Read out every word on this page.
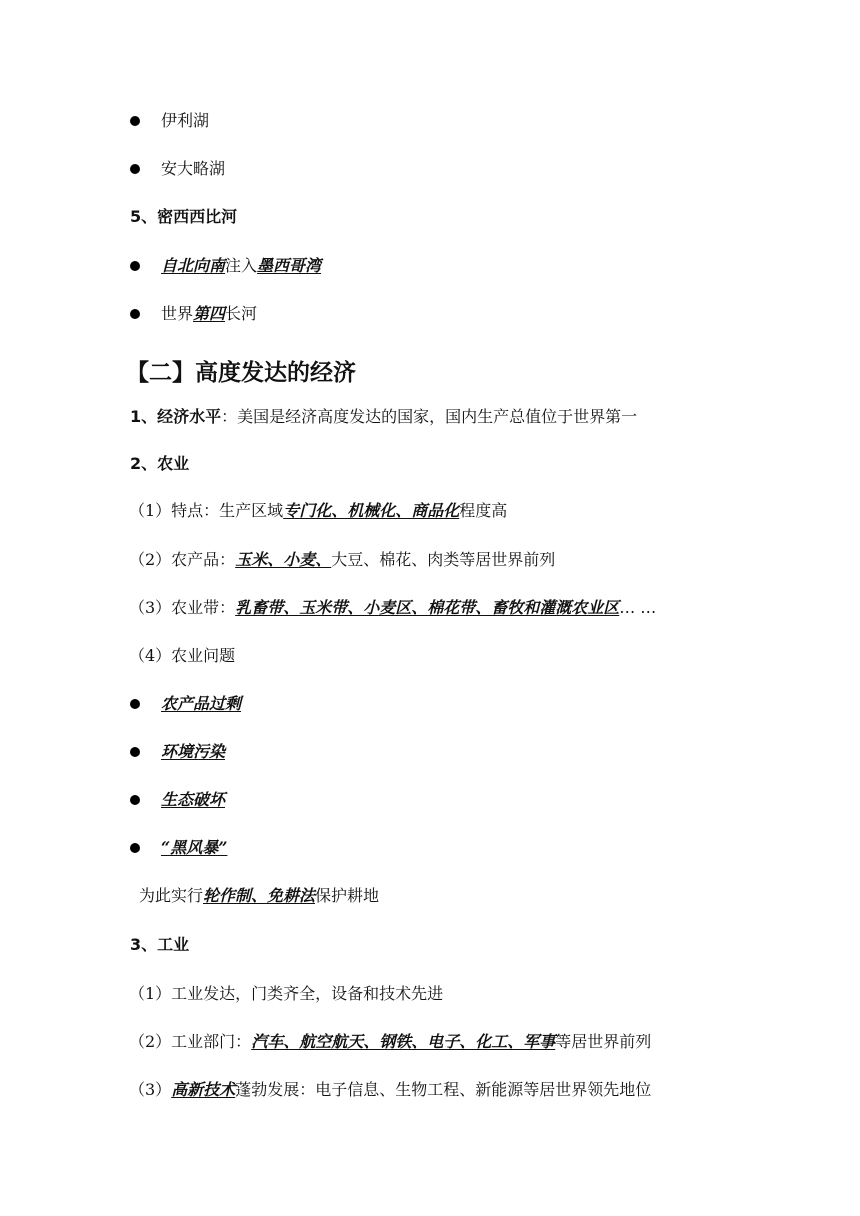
伊利湖
安大略湖
5、密西西比河
自北向南注入墨西哥湾
世界第四长河
【二】高度发达的经济
1、经济水平：美国是经济高度发达的国家，国内生产总值位于世界第一
2、农业
（1）特点：生产区域专门化、机械化、商品化程度高
（2）农产品：玉米、小麦、大豆、棉花、肉类等居世界前列
（3）农业带：乳畜带、玉米带、小麦区、棉花带、畜牧和灌溉农业区… …
（4）农业问题
农产品过剩
环境污染
生态破坏
“黑风暴”
为此实行轮作制、免耕法保护耕地
3、工业
（1）工业发达，门类齐全，设备和技术先进
（2）工业部门：汽车、航空航天、钢铁、电子、化工、军事等居世界前列
（3）高新技术蓬勃发展：电子信息、生物工程、新能源等居世界领先地位
